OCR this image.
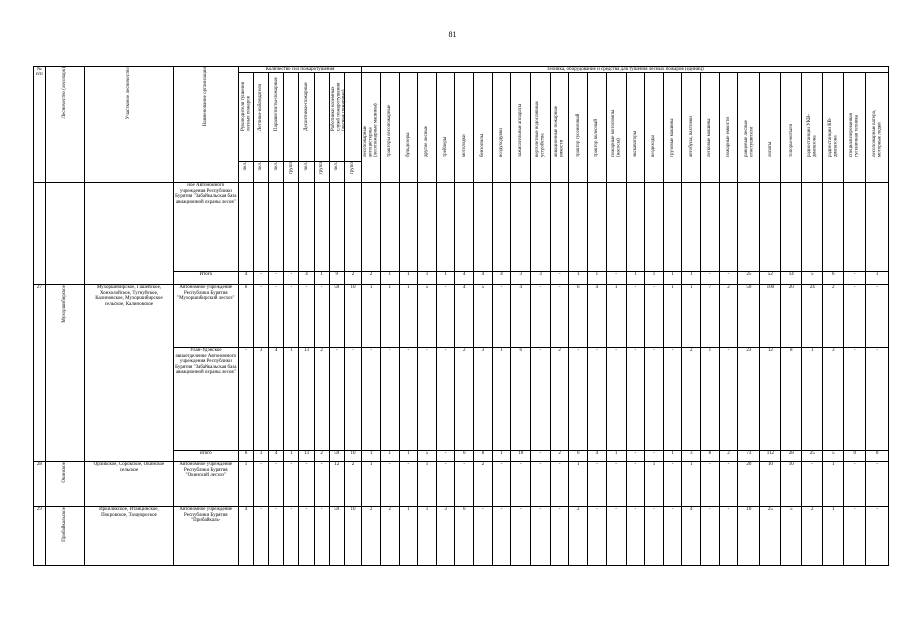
81
№ п/п	Лесничество (лесопарк)	Участковое лесничество	Наименование организации	Количество сил пожаротушения								Техника, оборудование и средства для тушения лесных пожаров (единиц)																										

				Руководители тушения лесных пожаров	Летчики-наблюдатели	Парашютисты-пожарные		Десантники-пожарные		Работники наземных служб пожаротушения (лесные пожарные)		лесопожарные автоцистерны (лесопожарные машины)	тракторы лесопожарные	бульдозеры	другие лесные	трейлеры	мотолодки	бензопилы	воздуходувки	зажигательные аппараты	вертолетные водосливные устройства	авиационные пожарные емкости	трактор гусеничный	трактор колесный	пожарные мотопомпы (насосы)	экскаваторы	вездеходы	грузовые машины	автобусы, вахтовки	легковые машины	пожарные емкости	ранцевые лесные огнетушители	лопаты	топоры-мотыги	радиостанции УКВ-диапазона	радиостанции КВ-диапазона	специализированная гусеничная техника	лесопожарные катера, моторные лодки

				чел.	чел.	чел.	групп	чел.	групп	чел.	групп																											

		ное Автономного учреждения Республики Бурятия "Забайкальская база авиационной охраны лесов"																																			
			Итого	4	-	-	-	4	1	9	2	2	1	1	1	1	4	4	4	3	3	-	1	1	-	1	1	1	1	-	-	25	52	14	5	6	-	1
27	Мухоршибирское	Мухоршибирское, Гашейское, Хонхолойское, Тугнуйское, Калиновское, Мухоршибирское сельское, Калиновское	Автономное учреждение Республики Бурятия "Мухоршибирский лесхоз"	6	-	-	-	-	-	59	10	1	1	1	5	-	4	5	-	4	-	-	6	4	1	-	-	1	1	7	2	50	100	20	24	2	-	-
			Улан-Удэнское авиаотделение Автономного учреждения Республики Бурятия "Забайкальская база авиационной охраны лесов"	-	3	4	1	13	2	-	-	-	-	-	-	-	2	3	1	6	-	2	-	-	-	-	-	-	2	1	-	23	12	8	1	3	-	-
			итого	6	3	4	1	13	2	59	10	1	1	1	5	-	6	8	1	10	-	2	6	4	1	-	-	1	3	8	2	73	112	28	25	5	0	0
28	Окинское	Орликское, Сорокское, Окинское сельское	Автономное учреждение Республики Бурятия "Окинский лесхоз"	1	-	-	-	-	-	12	2	1	-	-	1	-	-	2	-	-	-	-	1	-	-	-	1	-	1	-	-	20	10	10	-	1	-	-
29	Прибайкальское	Иркиликское, Итанцинское, Покровское, Тазаувроское	Автономное учреждение Республики Бурятия "Прибайкаль-	4	-	-	-	-	-	59	10	2	2	1	1	3	6	-	-	-	-	-	2	-	-	-	-	-	4	-	-	10	25	5	2	1	-	-
